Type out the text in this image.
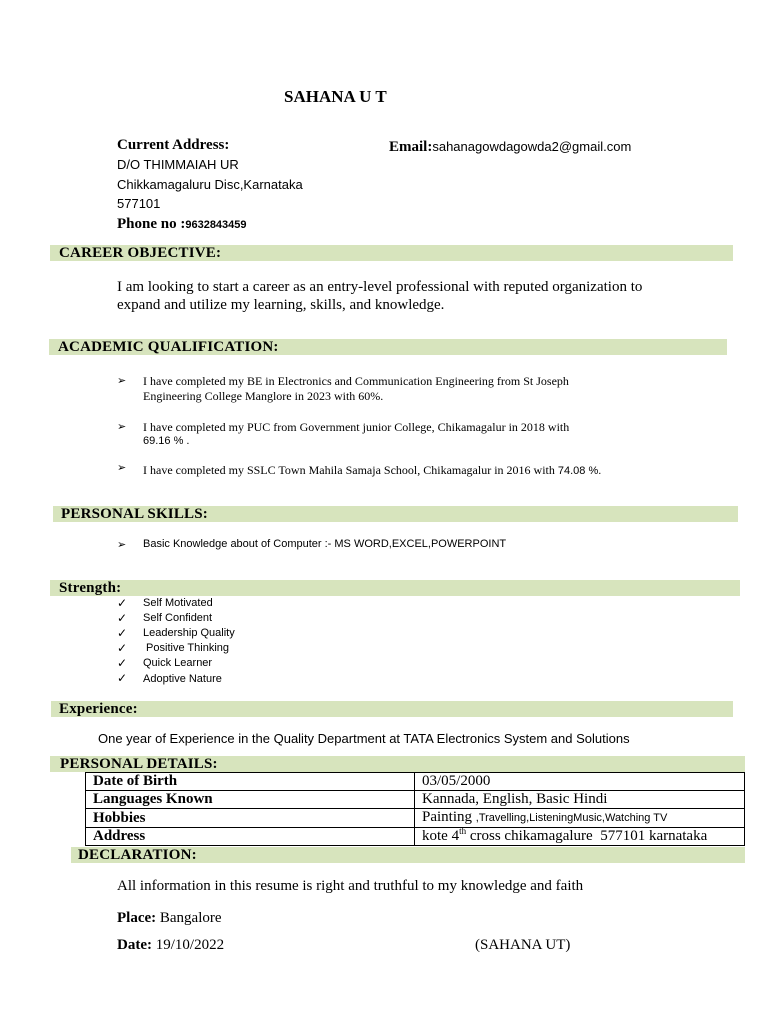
SAHANA U T
Current Address:
D/O THIMMAIAH UR
Chikkamagaluru Disc,Karnataka
577101
Phone no :9632843459
Email:sahanagowdagowda2@gmail.com
CAREER OBJECTIVE:
I am looking to start a career as an entry-level professional with reputed organization to
expand and utilize my learning, skills, and knowledge.
ACADEMIC QUALIFICATION:
➢ I have completed my BE in Electronics and Communication Engineering from St Joseph
Engineering College Manglore in 2023 with 60%.
➢ I have completed my PUC from Government junior College, Chikamagalur in 2018 with
69.16 % .
➢ I have completed my SSLC Town Mahila Samaja School, Chikamagalur in 2016 with 74.08 %.
PERSONAL SKILLS:
➢ Basic Knowledge about of Computer :- MS WORD,EXCEL,POWERPOINT
Strength:
✓ Self Motivated
✓ Self Confident
✓ Leadership Quality
✓ Positive Thinking
✓ Quick Learner
✓ Adoptive Nature
Experience:
One year of Experience in the Quality Department at TATA Electronics System and Solutions
PERSONAL DETAILS:
Date of Birth	03/05/2000
Languages Known	Kannada, English, Basic Hindi
Hobbies	Painting ,Travelling,ListeningMusic,Watching TV
Address	kote 4th cross chikamagalure  577101 karnataka
DECLARATION:
All information in this resume is right and truthful to my knowledge and faith
Place: Bangalore
Date: 19/10/2022	(SAHANA UT)
